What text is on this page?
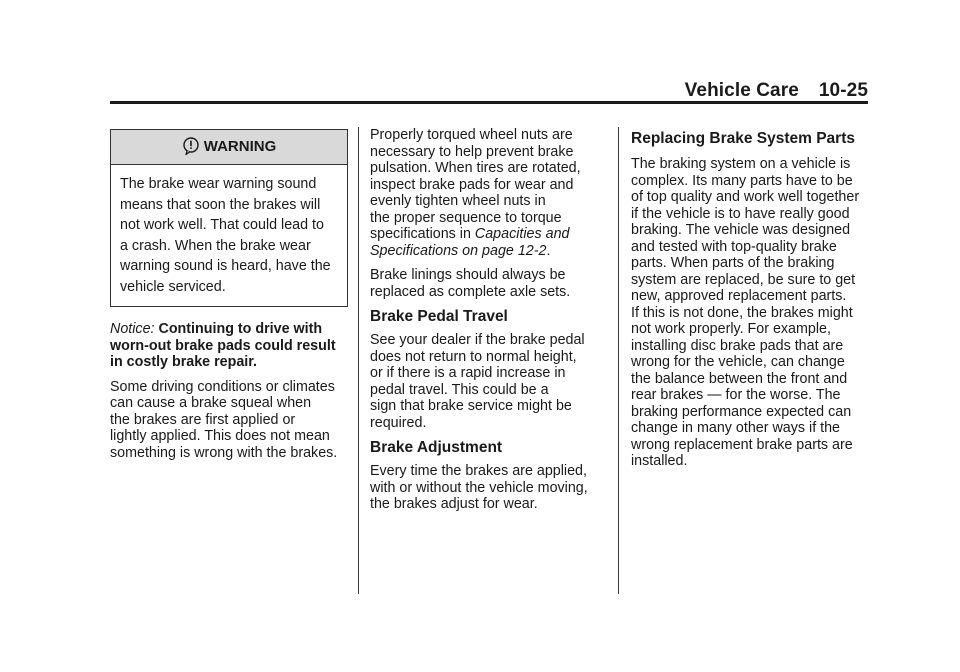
Vehicle Care 10-25
WARNING
The brake wear warning sound
means that soon the brakes will
not work well. That could lead to
a crash. When the brake wear
warning sound is heard, have the
vehicle serviced.
Notice: Continuing to drive with
worn-out brake pads could result
in costly brake repair.

Some driving conditions or climates
can cause a brake squeal when
the brakes are first applied or
lightly applied. This does not mean
something is wrong with the brakes.

Properly torqued wheel nuts are
necessary to help prevent brake
pulsation. When tires are rotated,
inspect brake pads for wear and
evenly tighten wheel nuts in
the proper sequence to torque
specifications in Capacities and
Specifications on page 12-2.

Brake linings should always be
replaced as complete axle sets.

Brake Pedal Travel

See your dealer if the brake pedal
does not return to normal height,
or if there is a rapid increase in
pedal travel. This could be a
sign that brake service might be
required.

Brake Adjustment

Every time the brakes are applied,
with or without the vehicle moving,
the brakes adjust for wear.

Replacing Brake System Parts

The braking system on a vehicle is
complex. Its many parts have to be
of top quality and work well together
if the vehicle is to have really good
braking. The vehicle was designed
and tested with top-quality brake
parts. When parts of the braking
system are replaced, be sure to get
new, approved replacement parts.
If this is not done, the brakes might
not work properly. For example,
installing disc brake pads that are
wrong for the vehicle, can change
the balance between the front and
rear brakes — for the worse. The
braking performance expected can
change in many other ways if the
wrong replacement brake parts are
installed.
